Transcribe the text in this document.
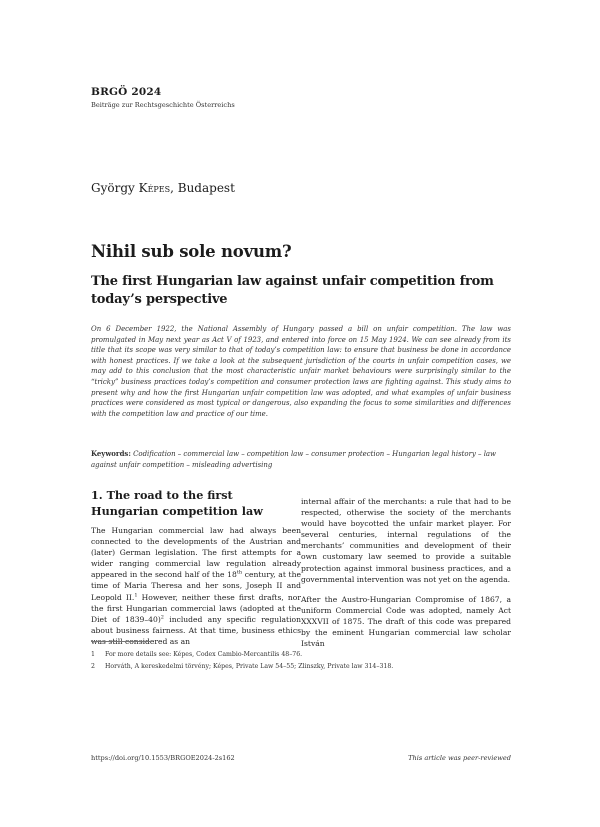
BRGÖ 2024
Beiträge zur Rechtsgeschichte Österreichs
György Képes, Budapest
Nihil sub sole novum?
The first Hungarian law against unfair competition from today’s perspective
On 6 December 1922, the National Assembly of Hungary passed a bill on unfair competition. The law was promulgated in May next year as Act V of 1923, and entered into force on 15 May 1924. We can see already from its title that its scope was very similar to that of today’s competition law: to ensure that business be done in accordance with honest practices. If we take a look at the subsequent jurisdiction of the courts in unfair competition cases, we may add to this conclusion that the most characteristic unfair market behaviours were surprisingly similar to the “tricky” business practices today’s competition and consumer protection laws are fighting against. This study aims to present why and how the first Hungarian unfair competition law was adopted, and what examples of unfair business practices were considered as most typical or dangerous, also expanding the focus to some similarities and differences with the competition law and practice of our time.
Keywords: Codification – commercial law – competition law – consumer protection – Hungarian legal history – law against unfair competition – misleading advertising
1. The road to the first Hungarian competition law

The Hungarian commercial law had always been connected to the developments of the Austrian and (later) German legislation. The first attempts for a wider ranging commercial law regulation already appeared in the second half of the 18th century, at the time of Maria Theresa and her sons, Joseph II and Leopold II.$^1$ However, neither these first drafts, nor the first Hungarian commercial laws (adopted at the Diet of 1839–40)$^2$ included any specific regulation about business fairness. At that time, business ethics was still considered as an

internal affair of the merchants: a rule that had to be respected, otherwise the society of the merchants would have boycotted the unfair market player. For several centuries, internal regulations of the merchants’ communities and development of their own customary law seemed to provide a suitable protection against immoral business practices, and a governmental intervention was not yet on the agenda.

After the Austro-Hungarian Compromise of 1867, a uniform Commercial Code was adopted, namely Act XXXVII of 1875. The draft of this code was prepared by the eminent Hungarian commercial law scholar István

1 For more details see: Képes, Codex Cambio-Mercantilis 48–76.
2 Horváth, A kereskedelmi törvény; Képes, Private Law 54–55; Zlinszky, Private law 314–318.
https://doi.org/10.1553/BRGOE2024-2s162	This article was peer-reviewed
